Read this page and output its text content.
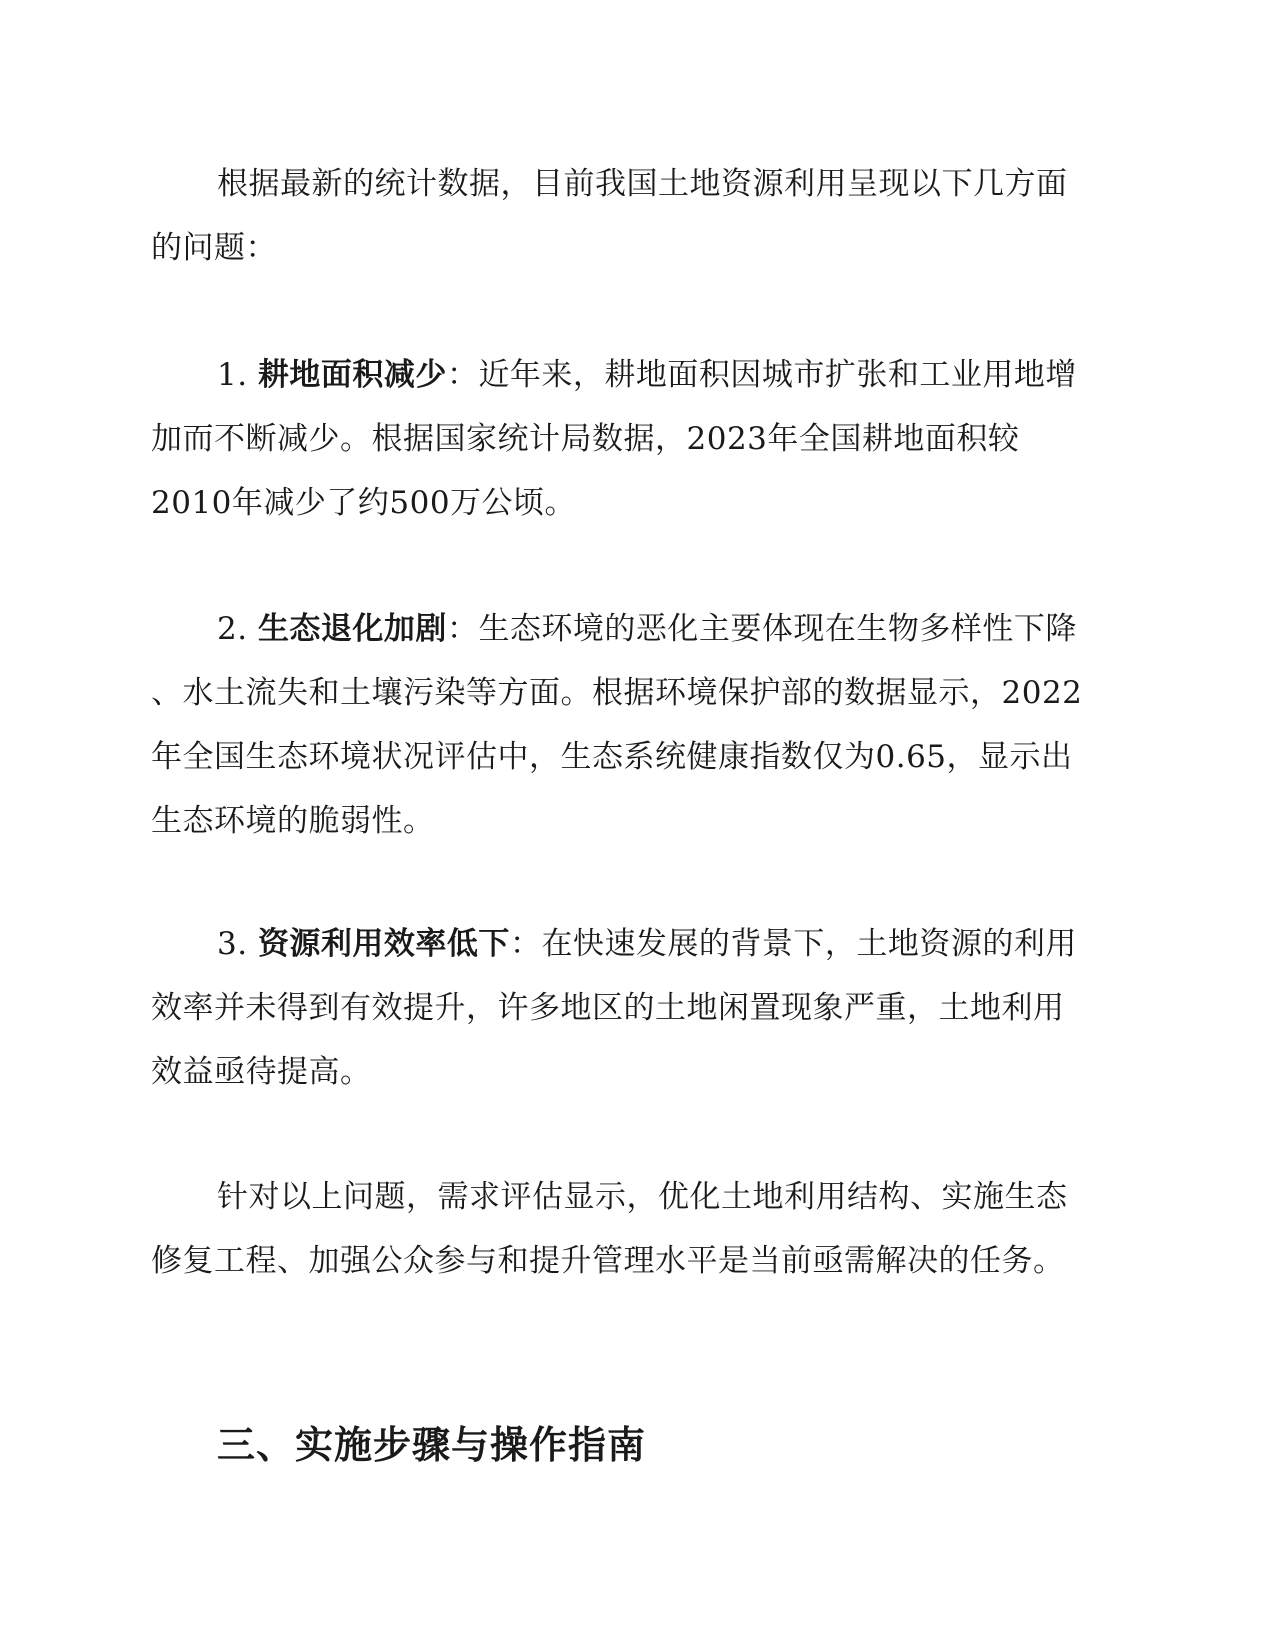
根据最新的统计数据，目前我国土地资源利用呈现以下几方面
的问题：
1. 耕地面积减少：近年来，耕地面积因城市扩张和工业用地增
加而不断减少。根据国家统计局数据，2023年全国耕地面积较
2010年减少了约500万公顷。
2. 生态退化加剧：生态环境的恶化主要体现在生物多样性下降
、水土流失和土壤污染等方面。根据环境保护部的数据显示，2022
年全国生态环境状况评估中，生态系统健康指数仅为0.65，显示出
生态环境的脆弱性。
3. 资源利用效率低下：在快速发展的背景下，土地资源的利用
效率并未得到有效提升，许多地区的土地闲置现象严重，土地利用
效益亟待提高。
针对以上问题，需求评估显示，优化土地利用结构、实施生态
修复工程、加强公众参与和提升管理水平是当前亟需解决的任务。
三、实施步骤与操作指南
